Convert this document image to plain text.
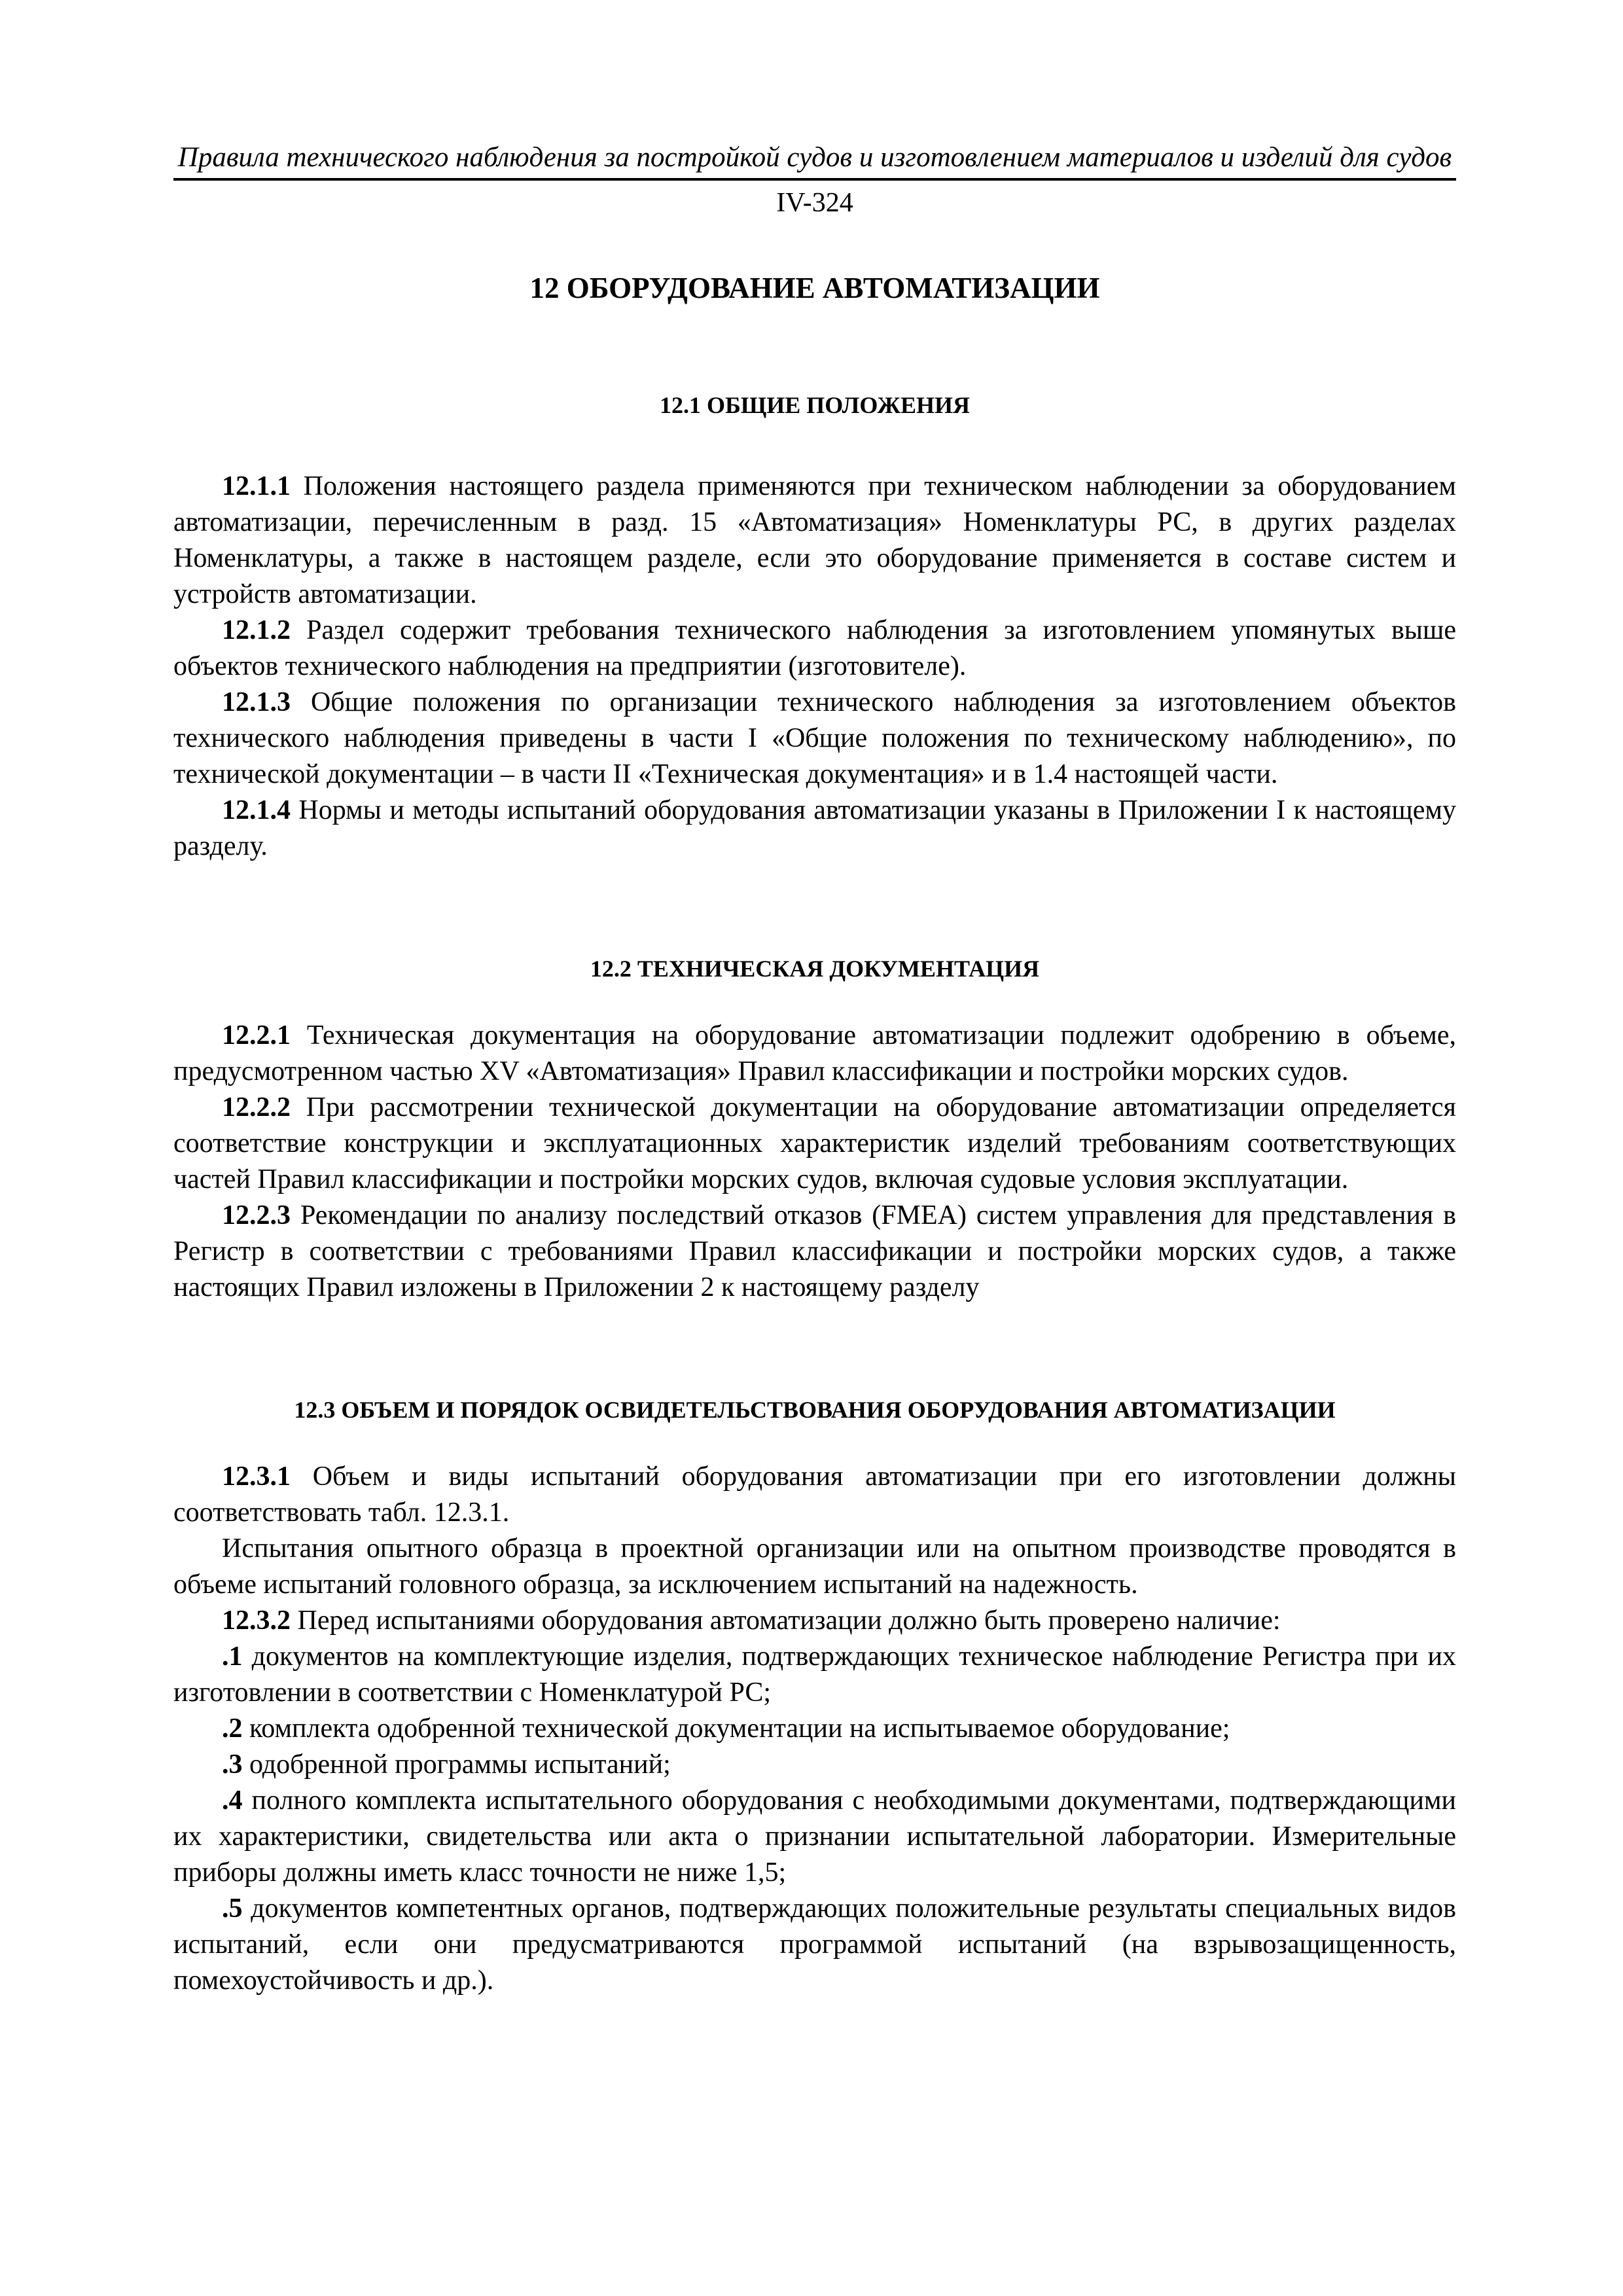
Правила технического наблюдения за постройкой судов и изготовлением материалов и изделий для судов
IV-324
12 ОБОРУДОВАНИЕ АВТОМАТИЗАЦИИ
12.1 ОБЩИЕ ПОЛОЖЕНИЯ

12.1.1 Положения настоящего раздела применяются при техническом наблюдении за оборудованием автоматизации, перечисленным в разд. 15 «Автоматизация» Номенклатуры РС, в других разделах Номенклатуры, а также в настоящем разделе, если это оборудование применяется в составе систем и устройств автоматизации.

12.1.2 Раздел содержит требования технического наблюдения за изготовлением упомянутых выше объектов технического наблюдения на предприятии (изготовителе).

12.1.3 Общие положения по организации технического наблюдения за изготовлением объектов технического наблюдения приведены в части I «Общие положения по техническому наблюдению», по технической документации – в части II «Техническая документация» и в 1.4 настоящей части.

12.1.4 Нормы и методы испытаний оборудования автоматизации указаны в Приложении I к настоящему разделу.

12.2 ТЕХНИЧЕСКАЯ ДОКУМЕНТАЦИЯ

12.2.1 Техническая документация на оборудование автоматизации подлежит одобрению в объеме, предусмотренном частью XV «Автоматизация» Правил классификации и постройки морских судов.

12.2.2 При рассмотрении технической документации на оборудование автоматизации определяется соответствие конструкции и эксплуатационных характеристик изделий требованиям соответствующих частей Правил классификации и постройки морских судов, включая судовые условия эксплуатации.

12.2.3 Рекомендации по анализу последствий отказов (FMEA) систем управления для представления в Регистр в соответствии с требованиями Правил классификации и постройки морских судов, а также настоящих Правил изложены в Приложении 2 к настоящему разделу

12.3 ОБЪЕМ И ПОРЯДОК ОСВИДЕТЕЛЬСТВОВАНИЯ ОБОРУДОВАНИЯ АВТОМАТИЗАЦИИ

12.3.1 Объем и виды испытаний оборудования автоматизации при его изготовлении должны соответствовать табл. 12.3.1.

Испытания опытного образца в проектной организации или на опытном производстве проводятся в объеме испытаний головного образца, за исключением испытаний на надежность.

12.3.2 Перед испытаниями оборудования автоматизации должно быть проверено наличие:

.1 документов на комплектующие изделия, подтверждающих техническое наблюдение Регистра при их изготовлении в соответствии с Номенклатурой РС;

.2 комплекта одобренной технической документации на испытываемое оборудование;

.3 одобренной программы испытаний;

.4 полного комплекта испытательного оборудования с необходимыми документами, подтверждающими их характеристики, свидетельства или акта о признании испытательной лаборатории. Измерительные приборы должны иметь класс точности не ниже 1,5;

.5 документов компетентных органов, подтверждающих положительные результаты специальных видов испытаний, если они предусматриваются программой испытаний (на взрывозащищенность, помехоустойчивость и др.).
